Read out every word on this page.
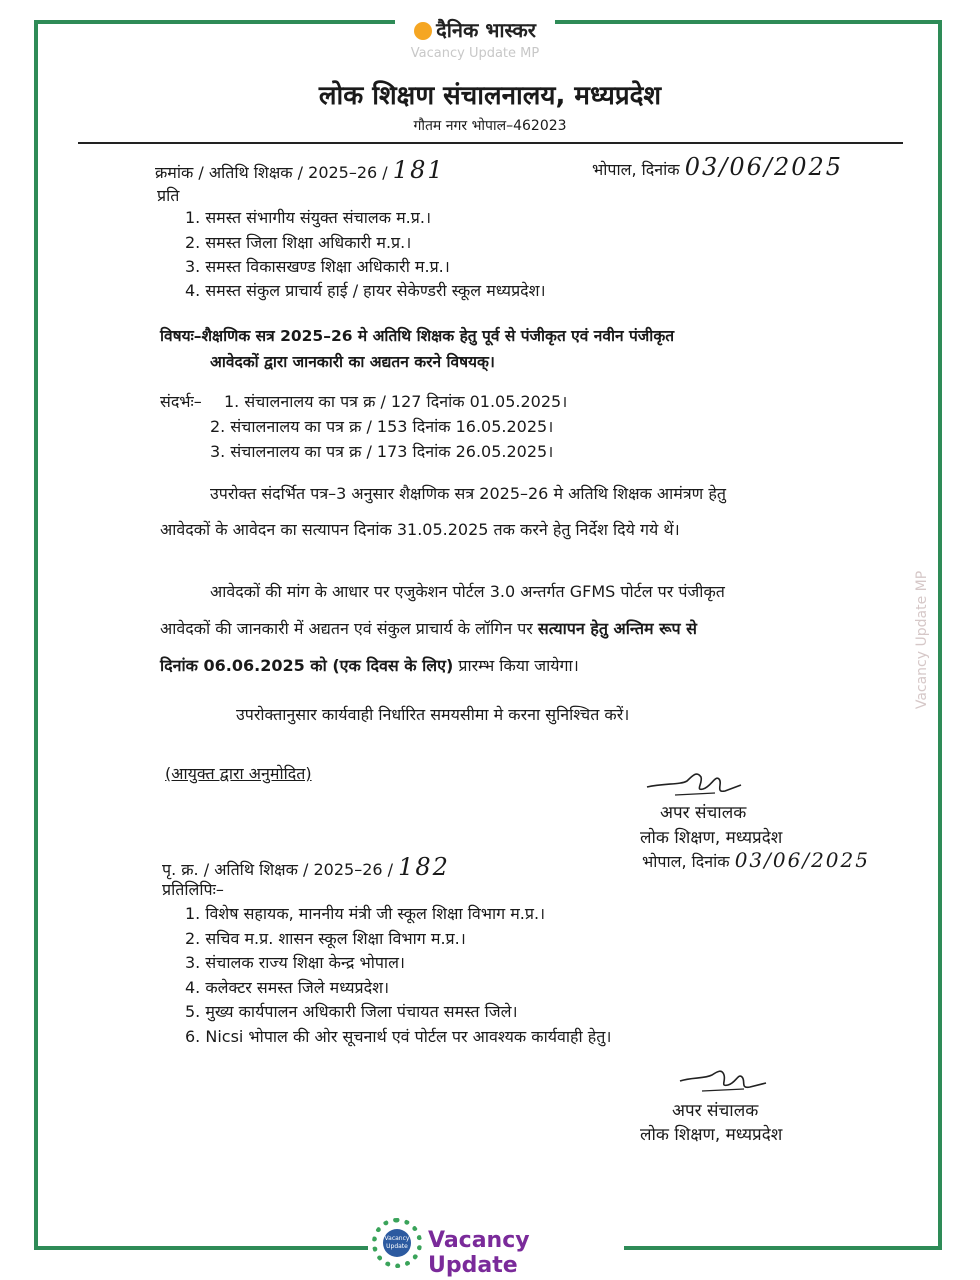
दैनिक भास्कर
Vacancy Update MP
लोक शिक्षण संचालनालय, मध्यप्रदेश
गौतम नगर भोपाल–462023
क्रमांक / अतिथि शिक्षक / 2025–26 / 181	भोपाल, दिनांक 03/06/2025
प्रति
1. समस्त संभागीय संयुक्त संचालक म.प्र.।
2. समस्त जिला शिक्षा अधिकारी म.प्र.।
3. समस्त विकासखण्ड शिक्षा अधिकारी म.प्र.।
4. समस्त संकुल प्राचार्य हाई / हायर सेकेण्डरी स्कूल मध्यप्रदेश।
विषयः–शैक्षणिक सत्र 2025–26 मे अतिथि शिक्षक हेतु पूर्व से पंजीकृत एवं नवीन पंजीकृत
आवेदकों द्वारा जानकारी का अद्यतन करने विषयक्।
संदर्भः– 1. संचालनालय का पत्र क्र / 127 दिनांक 01.05.2025।
2. संचालनालय का पत्र क्र / 153 दिनांक 16.05.2025।
3. संचालनालय का पत्र क्र / 173 दिनांक 26.05.2025।
उपरोक्त संदर्भित पत्र–3 अनुसार शैक्षणिक सत्र 2025–26 मे अतिथि शिक्षक आमंत्रण हेतु
आवेदकों के आवेदन का सत्यापन दिनांक 31.05.2025 तक करने हेतु निर्देश दिये गये थें।
आवेदकों की मांग के आधार पर एजुकेशन पोर्टल 3.0 अन्तर्गत GFMS पोर्टल पर पंजीकृत
आवेदकों की जानकारी में अद्यतन एवं संकुल प्राचार्य के लॉगिन पर सत्यापन हेतु अन्तिम रूप से
दिनांक 06.06.2025 को (एक दिवस के लिए) प्रारम्भ किया जायेगा।
उपरोक्तानुसार कार्यवाही निर्धारित समयसीमा मे करना सुनिश्चित करें।
(आयुक्त द्वारा अनुमोदित)
अपर संचालक
लोक शिक्षण, मध्यप्रदेश
पृ. क्र. / अतिथि शिक्षक / 2025–26 / 182	भोपाल, दिनांक 03/06/2025
प्रतिलिपिः–
1. विशेष सहायक, माननीय मंत्री जी स्कूल शिक्षा विभाग म.प्र.।
2. सचिव म.प्र. शासन स्कूल शिक्षा विभाग म.प्र.।
3. संचालक राज्य शिक्षा केन्द्र भोपाल।
4. कलेक्टर समस्त जिले मध्यप्रदेश।
5. मुख्य कार्यपालन अधिकारी जिला पंचायत समस्त जिले।
6. Nicsi भोपाल की ओर सूचनार्थ एवं पोर्टल पर आवश्यक कार्यवाही हेतु।
अपर संचालक
लोक शिक्षण, मध्यप्रदेश
Vacancy Update MP
Vacancy Update Vacancy Update
